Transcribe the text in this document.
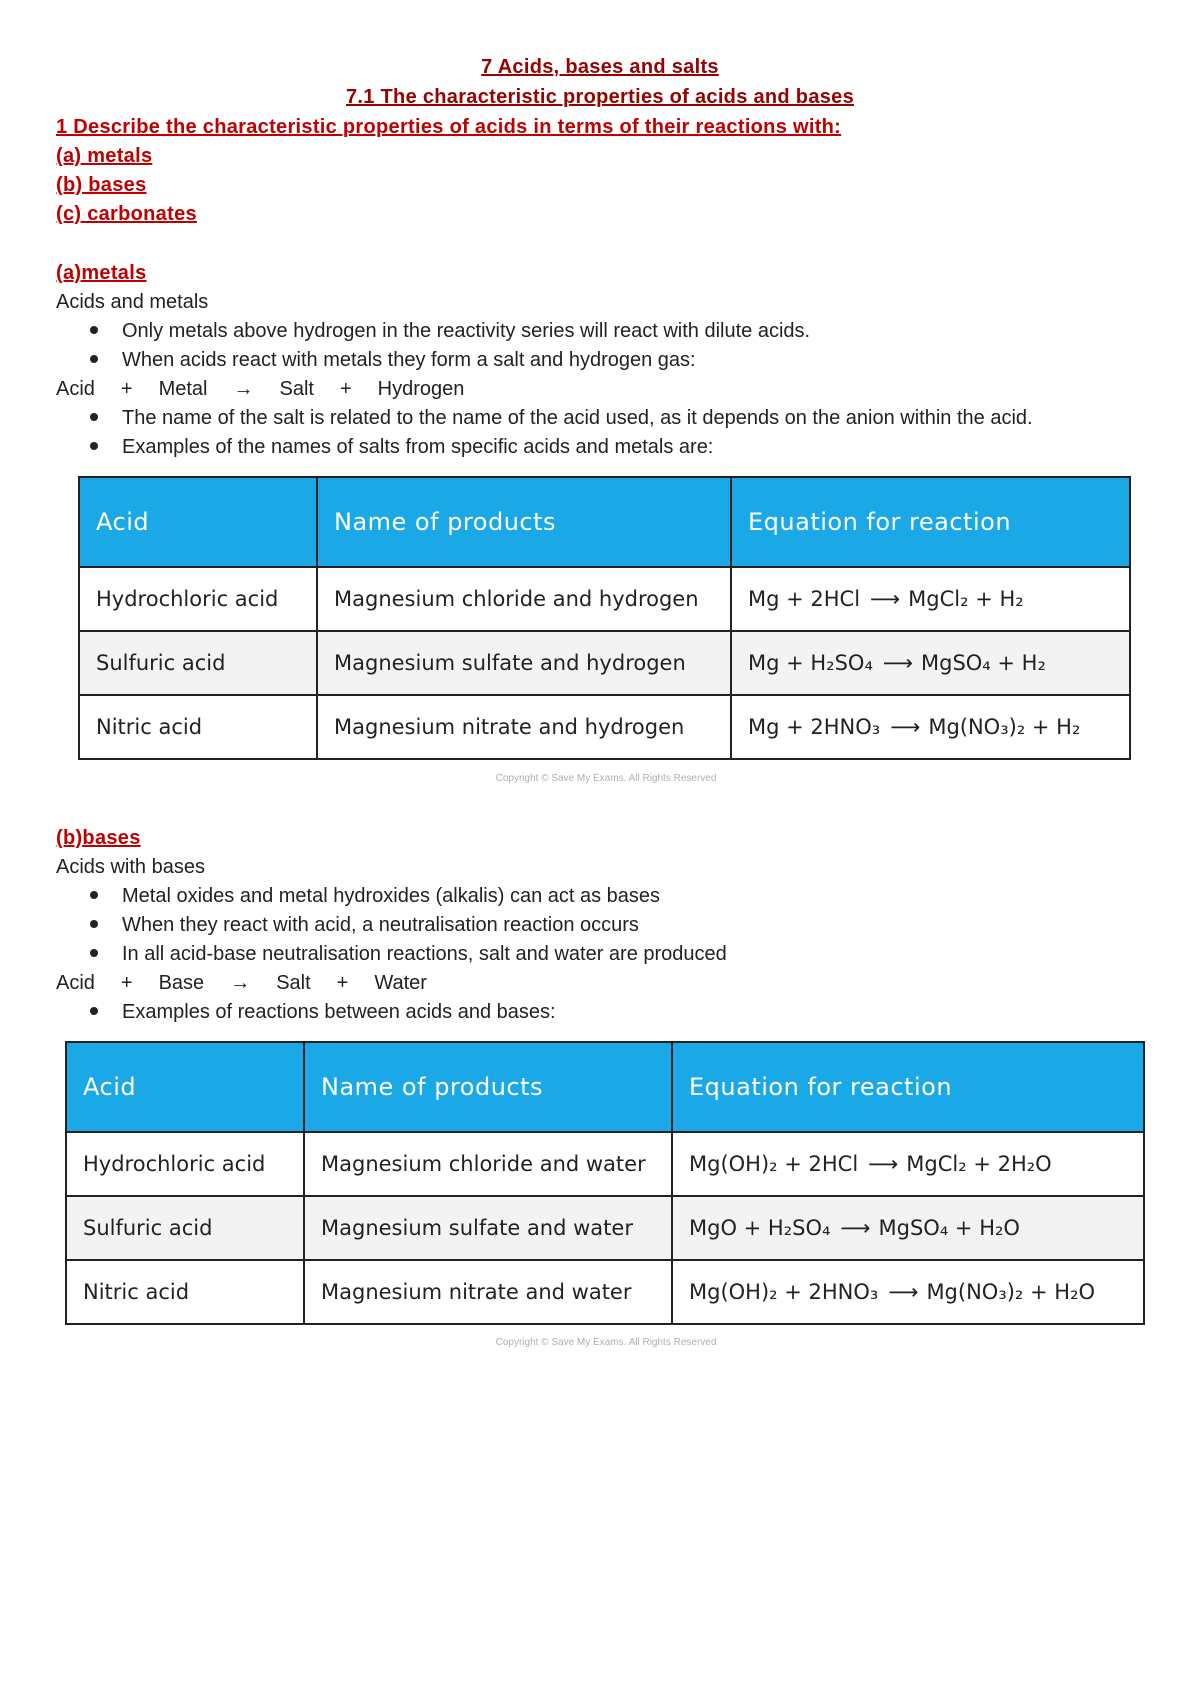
7 Acids, bases and salts
7.1 The characteristic properties of acids and bases
1 Describe the characteristic properties of acids in terms of their reactions with:
(a) metals
(b) bases
(c) carbonates
(a)metals
Acids and metals
Only metals above hydrogen in the reactivity series will react with dilute acids.
When acids react with metals they form a salt and hydrogen gas:
Acid + Metal → Salt + Hydrogen
The name of the salt is related to the name of the acid used, as it depends on the anion within the acid.
Examples of the names of salts from specific acids and metals are:
Acid	Name of products	Equation for reaction
Hydrochloric acid	Magnesium chloride and hydrogen	Mg + 2HCl ⟶ MgCl₂ + H₂
Sulfuric acid	Magnesium sulfate and hydrogen	Mg + H₂SO₄ ⟶ MgSO₄ + H₂
Nitric acid	Magnesium nitrate and hydrogen	Mg + 2HNO₃ ⟶ Mg(NO₃)₂ + H₂
Copyright © Save My Exams. All Rights Reserved
(b)bases
Acids with bases
Metal oxides and metal hydroxides (alkalis) can act as bases
When they react with acid, a neutralisation reaction occurs
In all acid-base neutralisation reactions, salt and water are produced
Acid + Base → Salt + Water
Examples of reactions between acids and bases:
Acid	Name of products	Equation for reaction
Hydrochloric acid	Magnesium chloride and water	Mg(OH)₂ + 2HCl ⟶ MgCl₂ + 2H₂O
Sulfuric acid	Magnesium sulfate and water	MgO + H₂SO₄ ⟶ MgSO₄ + H₂O
Nitric acid	Magnesium nitrate and water	Mg(OH)₂ + 2HNO₃ ⟶ Mg(NO₃)₂ + H₂O
Copyright © Save My Exams. All Rights Reserved
